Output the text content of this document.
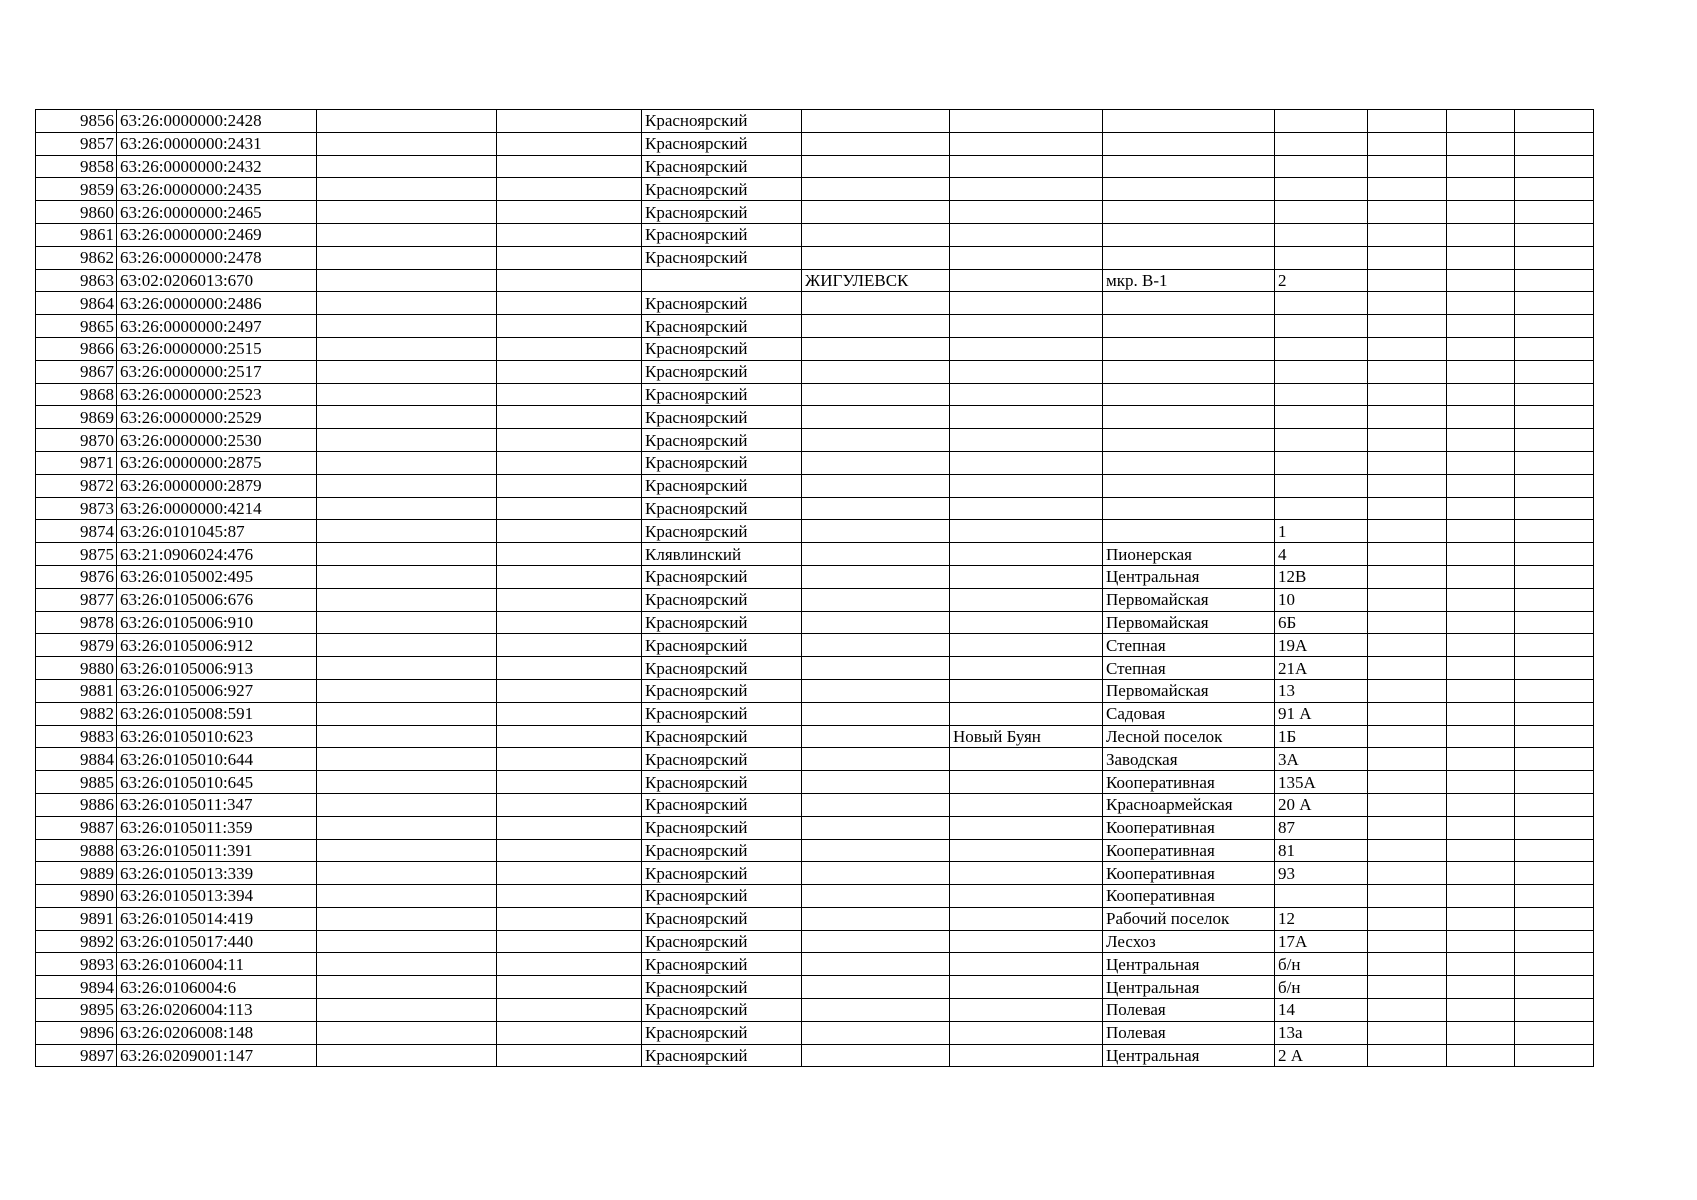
9856	63:26:0000000:2428			Красноярский							
9857	63:26:0000000:2431			Красноярский							
9858	63:26:0000000:2432			Красноярский							
9859	63:26:0000000:2435			Красноярский							
9860	63:26:0000000:2465			Красноярский							
9861	63:26:0000000:2469			Красноярский							
9862	63:26:0000000:2478			Красноярский							
9863	63:02:0206013:670				ЖИГУЛЕВСК		мкр. В-1	2			
9864	63:26:0000000:2486			Красноярский							
9865	63:26:0000000:2497			Красноярский							
9866	63:26:0000000:2515			Красноярский							
9867	63:26:0000000:2517			Красноярский							
9868	63:26:0000000:2523			Красноярский							
9869	63:26:0000000:2529			Красноярский							
9870	63:26:0000000:2530			Красноярский							
9871	63:26:0000000:2875			Красноярский							
9872	63:26:0000000:2879			Красноярский							
9873	63:26:0000000:4214			Красноярский							
9874	63:26:0101045:87			Красноярский				1			
9875	63:21:0906024:476			Клявлинский			Пионерская	4			
9876	63:26:0105002:495			Красноярский			Центральная	12В			
9877	63:26:0105006:676			Красноярский			Первомайская	10			
9878	63:26:0105006:910			Красноярский			Первомайская	6Б			
9879	63:26:0105006:912			Красноярский			Степная	19А			
9880	63:26:0105006:913			Красноярский			Степная	21А			
9881	63:26:0105006:927			Красноярский			Первомайская	13			
9882	63:26:0105008:591			Красноярский			Садовая	91 А			
9883	63:26:0105010:623			Красноярский		Новый Буян	Лесной поселок	1Б			
9884	63:26:0105010:644			Красноярский			Заводская	3А			
9885	63:26:0105010:645			Красноярский			Кооперативная	135А			
9886	63:26:0105011:347			Красноярский			Красноармейская	20 А			
9887	63:26:0105011:359			Красноярский			Кооперативная	87			
9888	63:26:0105011:391			Красноярский			Кооперативная	81			
9889	63:26:0105013:339			Красноярский			Кооперативная	93			
9890	63:26:0105013:394			Красноярский			Кооперативная				
9891	63:26:0105014:419			Красноярский			Рабочий поселок	12			
9892	63:26:0105017:440			Красноярский			Лесхоз	17А			
9893	63:26:0106004:11			Красноярский			Центральная	б/н			
9894	63:26:0106004:6			Красноярский			Центральная	б/н			
9895	63:26:0206004:113			Красноярский			Полевая	14			
9896	63:26:0206008:148			Красноярский			Полевая	13а			
9897	63:26:0209001:147			Красноярский			Центральная	2 А			
